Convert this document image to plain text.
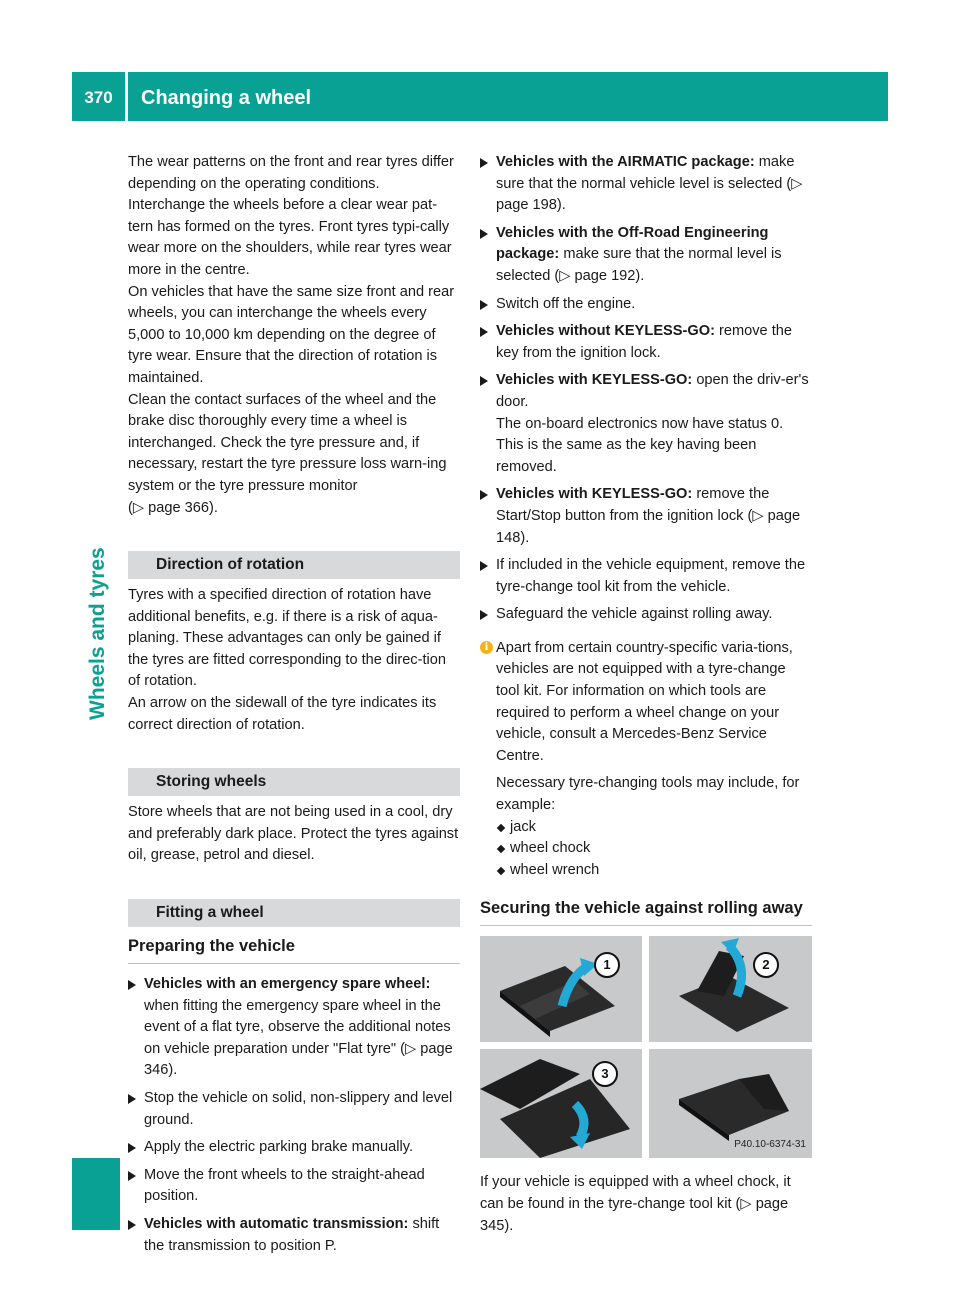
370	Changing a wheel
Wheels and tyres

The wear patterns on the front and rear tyres differ depending on the operating conditions. Interchange the wheels before a clear wear pat-tern has formed on the tyres. Front tyres typi-cally wear more on the shoulders, while rear tyres wear more in the centre.

On vehicles that have the same size front and rear wheels, you can interchange the wheels every 5,000 to 10,000 km depending on the degree of tyre wear. Ensure that the direction of rotation is maintained.

Clean the contact surfaces of the wheel and the brake disc thoroughly every time a wheel is interchanged. Check the tyre pressure and, if necessary, restart the tyre pressure loss warn-ing system or the tyre pressure monitor

(▷ page 366).

Direction of rotation

Tyres with a specified direction of rotation have additional benefits, e.g. if there is a risk of aqua-planing. These advantages can only be gained if the tyres are fitted corresponding to the direc-tion of rotation.

An arrow on the sidewall of the tyre indicates its correct direction of rotation.

Storing wheels

Store wheels that are not being used in a cool, dry and preferably dark place. Protect the tyres against oil, grease, petrol and diesel.

Fitting a wheel
Preparing the vehicle
Vehicles with an emergency spare wheel: when fitting the emergency spare wheel in the event of a flat tyre, observe the additional notes on vehicle preparation under "Flat tyre" (▷ page 346).
Stop the vehicle on solid, non-slippery and level ground.
Apply the electric parking brake manually.
Move the front wheels to the straight-ahead position.
Vehicles with automatic transmission: shift the transmission to position P.
Vehicles with the AIRMATIC package: make sure that the normal vehicle level is selected (▷ page 198).
Vehicles with the Off-Road Engineering package: make sure that the normal level is selected (▷ page 192).
Switch off the engine.
Vehicles without KEYLESS-GO: remove the key from the ignition lock.
Vehicles with KEYLESS-GO: open the driv-er's door.
The on-board electronics now have status 0. This is the same as the key having been removed.
Vehicles with KEYLESS-GO: remove the Start/Stop button from the ignition lock (▷ page 148).
If included in the vehicle equipment, remove the tyre-change tool kit from the vehicle.
Safeguard the vehicle against rolling away.
i Apart from certain country-specific varia-tions, vehicles are not equipped with a tyre-change tool kit. For information on which tools are required to perform a wheel change on your vehicle, consult a Mercedes-Benz Service Centre.

Necessary tyre-changing tools may include, for example:

jack
wheel chock
wheel wrench
Securing the vehicle against rolling away
1	2
3
P40.10-6374-31

If your vehicle is equipped with a wheel chock, it can be found in the tyre-change tool kit (▷ page 345).
